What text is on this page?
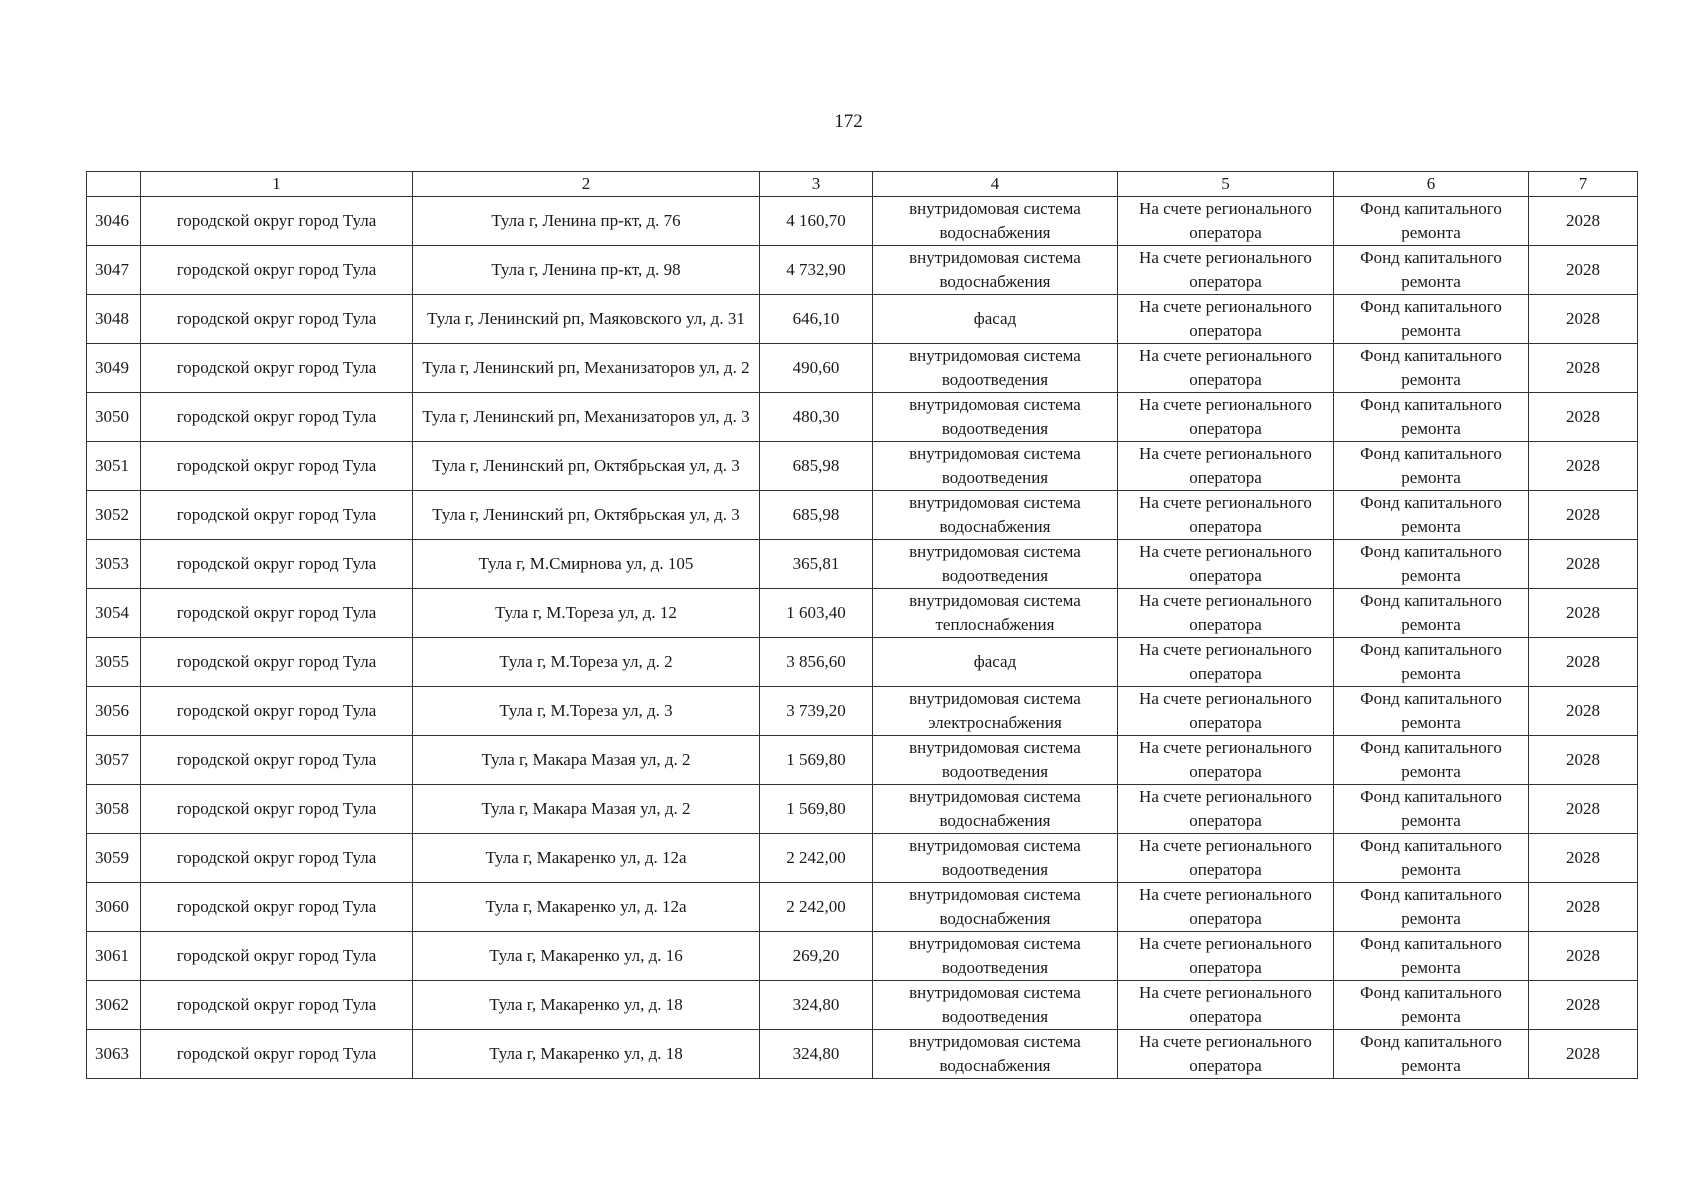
172
	1	2	3	4	5	6	7
3046	городской округ город Тула	Тула г, Ленина пр-кт, д. 76	4 160,70	внутридомовая система водоснабжения	На счете регионального оператора	Фонд капитального ремонта	2028
3047	городской округ город Тула	Тула г, Ленина пр-кт, д. 98	4 732,90	внутридомовая система водоснабжения	На счете регионального оператора	Фонд капитального ремонта	2028
3048	городской округ город Тула	Тула г, Ленинский рп, Маяковского ул, д. 31	646,10	фасад	На счете регионального оператора	Фонд капитального ремонта	2028
3049	городской округ город Тула	Тула г, Ленинский рп, Механизаторов ул, д. 2	490,60	внутридомовая система водоотведения	На счете регионального оператора	Фонд капитального ремонта	2028
3050	городской округ город Тула	Тула г, Ленинский рп, Механизаторов ул, д. 3	480,30	внутридомовая система водоотведения	На счете регионального оператора	Фонд капитального ремонта	2028
3051	городской округ город Тула	Тула г, Ленинский рп, Октябрьская ул, д. 3	685,98	внутридомовая система водоотведения	На счете регионального оператора	Фонд капитального ремонта	2028
3052	городской округ город Тула	Тула г, Ленинский рп, Октябрьская ул, д. 3	685,98	внутридомовая система водоснабжения	На счете регионального оператора	Фонд капитального ремонта	2028
3053	городской округ город Тула	Тула г, М.Смирнова ул, д. 105	365,81	внутридомовая система водоотведения	На счете регионального оператора	Фонд капитального ремонта	2028
3054	городской округ город Тула	Тула г, М.Тореза ул, д. 12	1 603,40	внутридомовая система теплоснабжения	На счете регионального оператора	Фонд капитального ремонта	2028
3055	городской округ город Тула	Тула г, М.Тореза ул, д. 2	3 856,60	фасад	На счете регионального оператора	Фонд капитального ремонта	2028
3056	городской округ город Тула	Тула г, М.Тореза ул, д. 3	3 739,20	внутридомовая система электроснабжения	На счете регионального оператора	Фонд капитального ремонта	2028
3057	городской округ город Тула	Тула г, Макара Мазая ул, д. 2	1 569,80	внутридомовая система водоотведения	На счете регионального оператора	Фонд капитального ремонта	2028
3058	городской округ город Тула	Тула г, Макара Мазая ул, д. 2	1 569,80	внутридомовая система водоснабжения	На счете регионального оператора	Фонд капитального ремонта	2028
3059	городской округ город Тула	Тула г, Макаренко ул, д. 12а	2 242,00	внутридомовая система водоотведения	На счете регионального оператора	Фонд капитального ремонта	2028
3060	городской округ город Тула	Тула г, Макаренко ул, д. 12а	2 242,00	внутридомовая система водоснабжения	На счете регионального оператора	Фонд капитального ремонта	2028
3061	городской округ город Тула	Тула г, Макаренко ул, д. 16	269,20	внутридомовая система водоотведения	На счете регионального оператора	Фонд капитального ремонта	2028
3062	городской округ город Тула	Тула г, Макаренко ул, д. 18	324,80	внутридомовая система водоотведения	На счете регионального оператора	Фонд капитального ремонта	2028
3063	городской округ город Тула	Тула г, Макаренко ул, д. 18	324,80	внутридомовая система водоснабжения	На счете регионального оператора	Фонд капитального ремонта	2028
